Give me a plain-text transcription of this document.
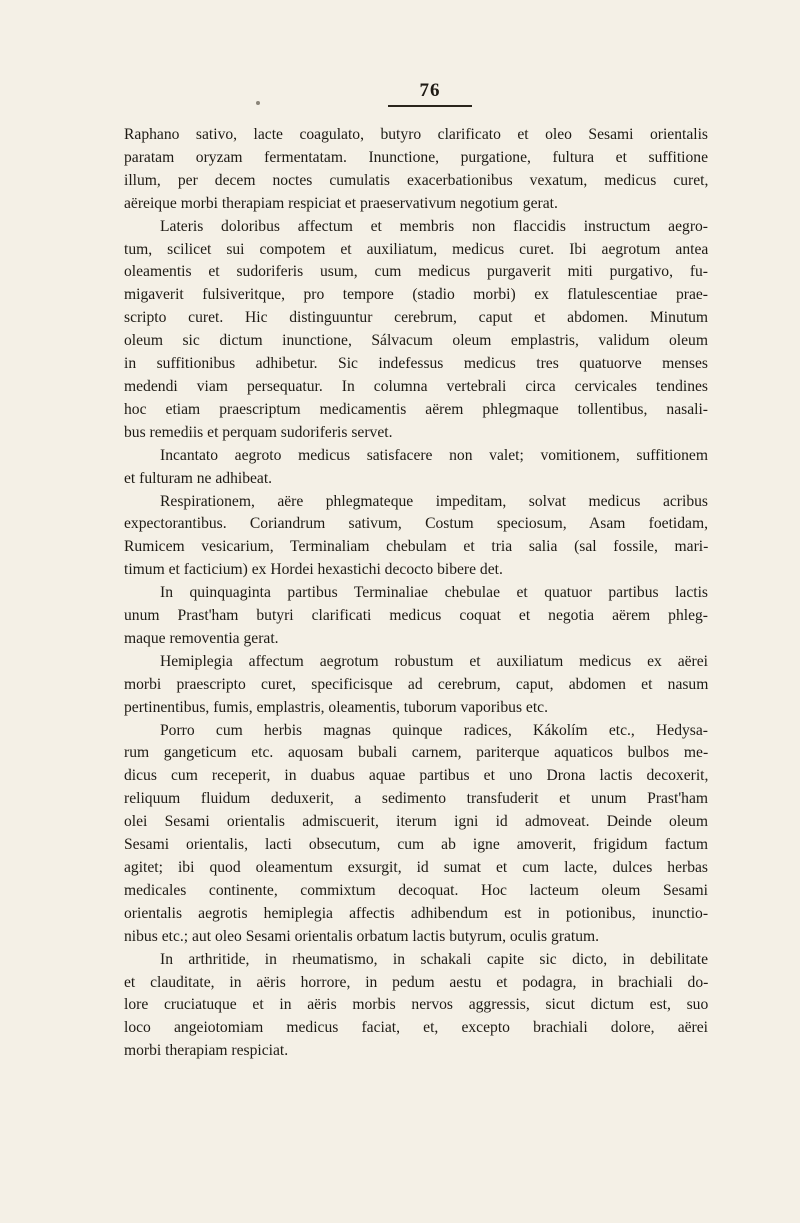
76
Raphano sativo, lacte coagulato, butyro clarificato et oleo Sesami orientalis
paratam oryzam fermentatam. Inunctione, purgatione, fultura et suffitione
illum, per decem noctes cumulatis exacerbationibus vexatum, medicus curet,
aëreique morbi therapiam respiciat et praeservativum negotium gerat.
Lateris doloribus affectum et membris non flaccidis instructum aegro-
tum, scilicet sui compotem et auxiliatum, medicus curet. Ibi aegrotum antea
oleamentis et sudoriferis usum, cum medicus purgaverit miti purgativo, fu-
migaverit fulsiveritque, pro tempore (stadio morbi) ex flatulescentiae prae-
scripto curet. Hic distinguuntur cerebrum, caput et abdomen. Minutum
oleum sic dictum inunctione, Sálvacum oleum emplastris, validum oleum
in suffitionibus adhibetur. Sic indefessus medicus tres quatuorve menses
medendi viam persequatur. In columna vertebrali circa cervicales tendines
hoc etiam praescriptum medicamentis aërem phlegmaque tollentibus, nasali-
bus remediis et perquam sudoriferis servet.
Incantato aegroto medicus satisfacere non valet; vomitionem, suffitionem
et fulturam ne adhibeat.
Respirationem, aëre phlegmateque impeditam, solvat medicus acribus
expectorantibus. Coriandrum sativum, Costum speciosum, Asam foetidam,
Rumicem vesicarium, Terminaliam chebulam et tria salia (sal fossile, mari-
timum et facticium) ex Hordei hexastichi decocto bibere det.
In quinquaginta partibus Terminaliae chebulae et quatuor partibus lactis
unum Prast'ham butyri clarificati medicus coquat et negotia aërem phleg-
maque removentia gerat.
Hemiplegia affectum aegrotum robustum et auxiliatum medicus ex aërei
morbi praescripto curet, specificisque ad cerebrum, caput, abdomen et nasum
pertinentibus, fumis, emplastris, oleamentis, tuborum vaporibus etc.
Porro cum herbis magnas quinque radices, Kákolím etc., Hedysa-
rum gangeticum etc. aquosam bubali carnem, pariterque aquaticos bulbos me-
dicus cum receperit, in duabus aquae partibus et uno Drona lactis decoxerit,
reliquum fluidum deduxerit, a sedimento transfuderit et unum Prast'ham
olei Sesami orientalis admiscuerit, iterum igni id admoveat. Deinde oleum
Sesami orientalis, lacti obsecutum, cum ab igne amoverit, frigidum factum
agitet; ibi quod oleamentum exsurgit, id sumat et cum lacte, dulces herbas
medicales continente, commixtum decoquat. Hoc lacteum oleum Sesami
orientalis aegrotis hemiplegia affectis adhibendum est in potionibus, inunctio-
nibus etc.; aut oleo Sesami orientalis orbatum lactis butyrum, oculis gratum.
In arthritide, in rheumatismo, in schakali capite sic dicto, in debilitate
et clauditate, in aëris horrore, in pedum aestu et podagra, in brachiali do-
lore cruciatuque et in aëris morbis nervos aggressis, sicut dictum est, suo
loco angeiotomiam medicus faciat, et, excepto brachiali dolore, aërei
morbi therapiam respiciat.
